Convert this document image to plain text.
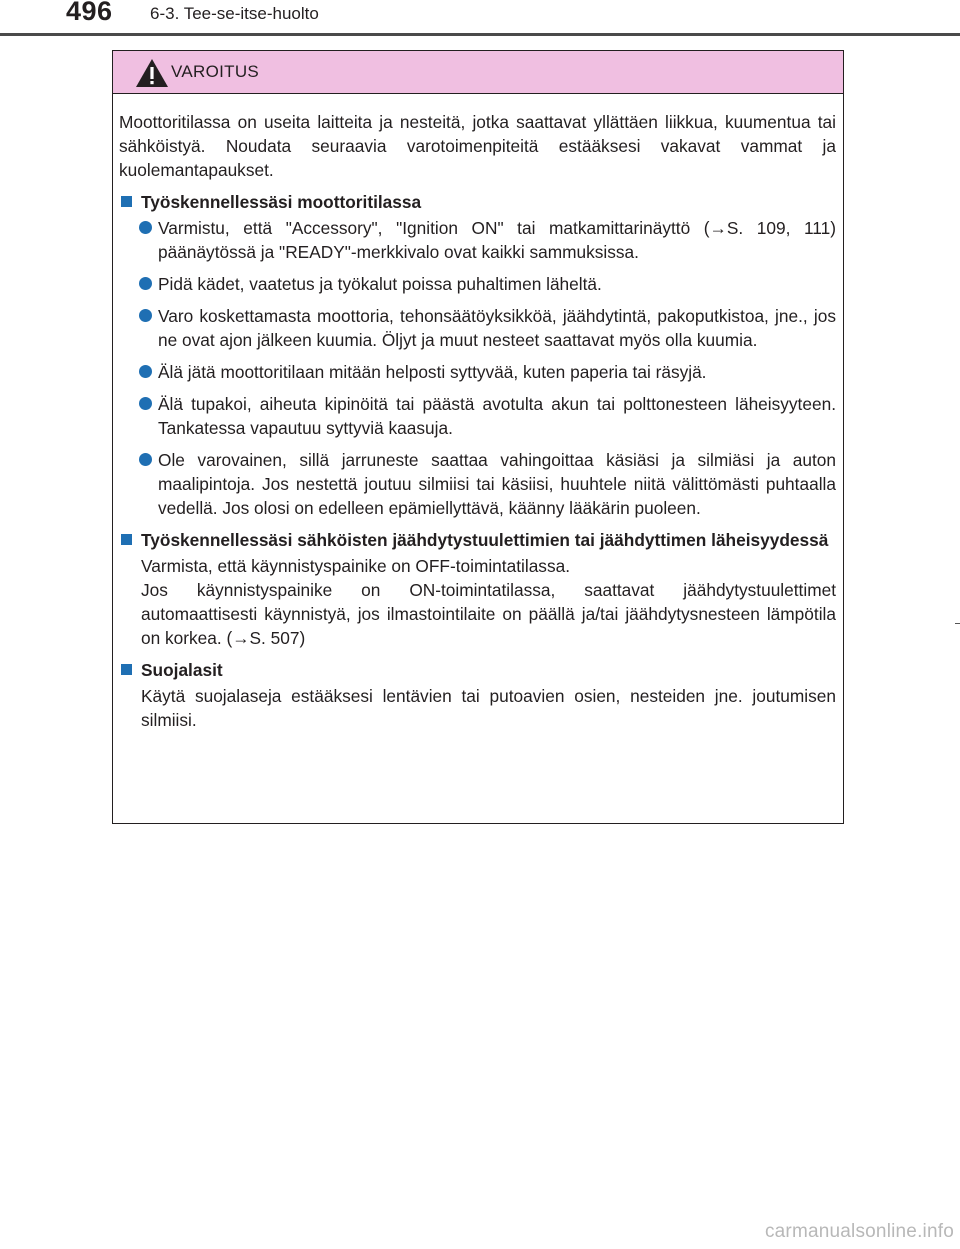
496 6-3. Tee-se-itse-huolto
VAROITUS

Moottoritilassa on useita laitteita ja nesteitä, jotka saattavat yllättäen liikkua, kuumentua tai sähköistyä. Noudata seuraavia varotoimenpiteitä estääksesi vakavat vammat ja kuolemantapaukset.

Työskennellessäsi moottoritilassa
Varmistu, että "Accessory", "Ignition ON" tai matkamittarinäyttö (→S. 109, 111) päänäytössä ja "READY"-merkkivalo ovat kaikki sammuksissa.
Pidä kädet, vaatetus ja työkalut poissa puhaltimen läheltä.
Varo koskettamasta moottoria, tehonsäätöyksikköä, jäähdytintä, pakoputkistoa, jne., jos ne ovat ajon jälkeen kuumia. Öljyt ja muut nesteet saattavat myös olla kuumia.
Älä jätä moottoritilaan mitään helposti syttyvää, kuten paperia tai räsyjä.
Älä tupakoi, aiheuta kipinöitä tai päästä avotulta akun tai polttonesteen läheisyyteen. Tankatessa vapautuu syttyviä kaasuja.
Ole varovainen, sillä jarruneste saattaa vahingoittaa käsiäsi ja silmiäsi ja auton maalipintoja. Jos nestettä joutuu silmiisi tai käsiisi, huuhtele niitä välittömästi puhtaalla vedellä. Jos olosi on edelleen epämiellyttävä, käänny lääkärin puoleen.
Työskennellessäsi sähköisten jäähdytystuulettimien tai jäähdyttimen läheisyydessä
Varmista, että käynnistyspainike on OFF-toimintatilassa.
Jos käynnistyspainike on ON-toimintatilassa, saattavat jäähdytystuulettimet automaattisesti käynnistyä, jos ilmastointilaite on päällä ja/tai jäähdytysnesteen lämpötila on korkea. (→S. 507)
Suojalasit
Käytä suojalaseja estääksesi lentävien tai putoavien osien, nesteiden jne. joutumisen silmiisi.
carmanualsonline.info
